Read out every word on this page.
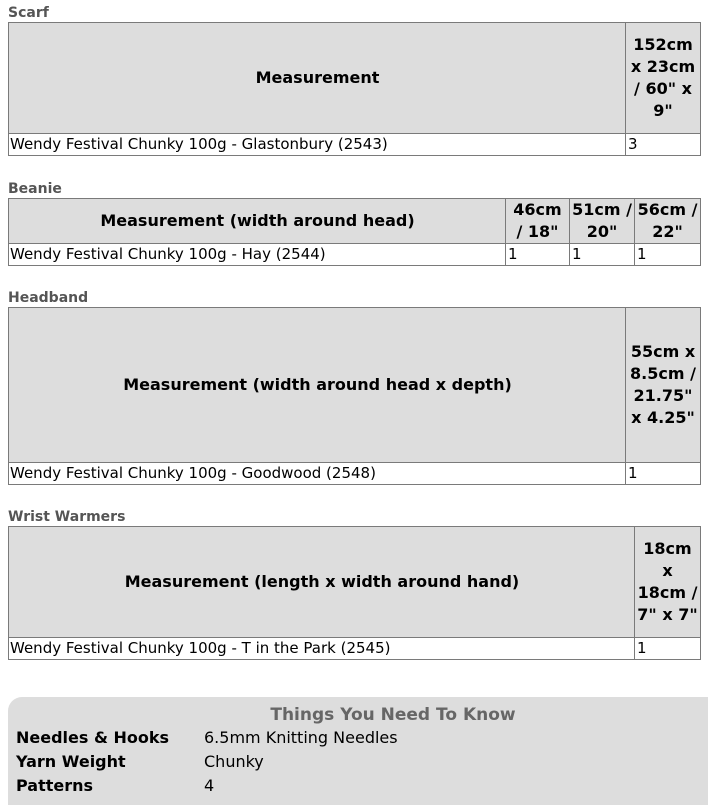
Scarf
Measurement	152cm x 23cm / 60" x 9"
Wendy Festival Chunky 100g - Glastonbury (2543)	3
Beanie
Measurement (width around head)	46cm / 18"	51cm / 20"	56cm / 22"
Wendy Festival Chunky 100g - Hay (2544)	1	1	1
Headband
Measurement (width around head x depth)	55cm x 8.5cm / 21.75" x 4.25"
Wendy Festival Chunky 100g - Goodwood (2548)	1
Wrist Warmers
Measurement (length x width around hand)	18cm x 18cm / 7" x 7"
Wendy Festival Chunky 100g - T in the Park (2545)	1
Things You Need To Know
Needles & Hooks	6.5mm Knitting Needles
Yarn Weight	Chunky
Patterns	4
